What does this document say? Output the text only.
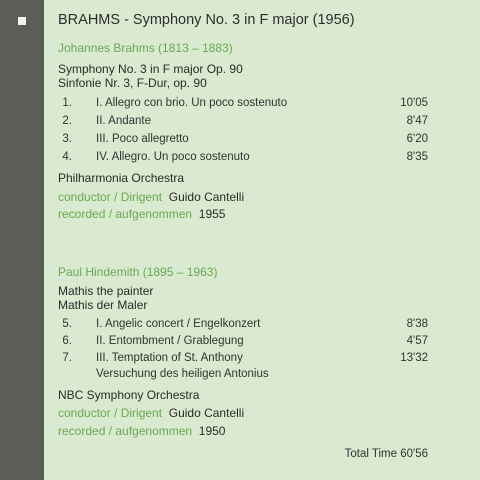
BRAHMS - Symphony No. 3 in F major (1956)
Johannes Brahms (1813 – 1883)
Symphony No. 3 in F major Op. 90
Sinfonie Nr. 3, F-Dur, op. 90
1. I. Allegro con brio. Un poco sostenuto	10'05
2. II. Andante	8'47
3. III. Poco allegretto	6'20
4. IV. Allegro. Un poco sostenuto	8'35
Philharmonia Orchestra
conductor / Dirigent Guido Cantelli
recorded / aufgenommen 1955
Paul Hindemith (1895 – 1963)
Mathis the painter
Mathis der Maler
5. I. Angelic concert / Engelkonzert	8'38
6. II. Entombment / Grablegung	4'57
7. III. Temptation of St. Anthony	13'32
Versuchung des heiligen Antonius
NBC Symphony Orchestra
conductor / Dirigent Guido Cantelli
recorded / aufgenommen 1950
Total Time 60'56
